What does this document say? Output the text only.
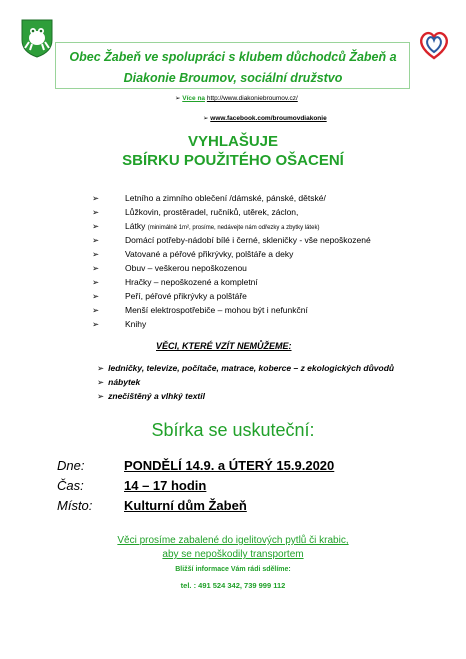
Obec Žabeň ve spolupráci s klubem důchodců Žabeň a
Diakonie Broumov, sociální družstvo
➢ Více na http://www.diakoniebroumov.cz/
➢ www.facebook.com/broumovdiakonie
VYHLAŠUJE
SBÍRKU POUŽITÉHO OŠACENÍ
➢	Letního a zimního oblečení /dámské, pánské, dětské/
➢	Lůžkovin, prostěradel, ručníků, utěrek, záclon,
➢	Látky (minimálně 1m², prosíme, nedávejte nám odřezky a zbytky látek)
➢	Domácí potřeby-nádobí bílé i černé, skleničky - vše nepoškozené
➢	Vatované a péřové přikrývky, polštáře a deky
➢	Obuv – veškerou nepoškozenou
➢	Hračky – nepoškozené a kompletní
➢	Peří, péřové přikrývky a polštáře
➢	Menší elektrospotřebiče – mohou být i nefunkční
➢	Knihy
VĚCI, KTERÉ VZÍT NEMŮŽEME:
➢ ledničky, televize, počítače, matrace, koberce – z ekologických důvodů
➢ nábytek
➢ znečištěný a vlhký textil
Sbírka se uskuteční:
Dne:	PONDĚLÍ 14.9. a ÚTERÝ 15.9.2020
Čas:	14 – 17 hodin
Místo: Kulturní dům Žabeň
Věci prosíme zabalené do igelitových pytlů či krabic,
aby se nepoškodily transportem
Bližší informace Vám rádi sdělíme:
tel. : 491 524 342, 739 999 112
